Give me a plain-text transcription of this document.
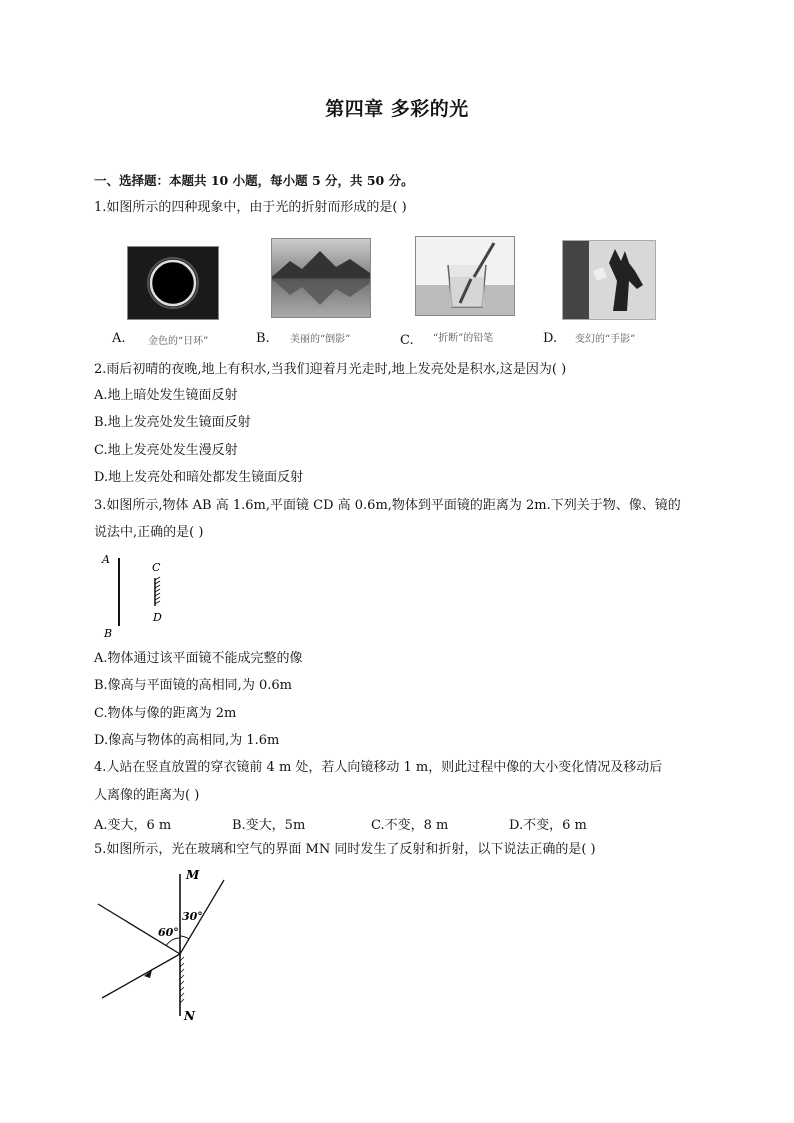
第四章 多彩的光
一、选择题：本题共 10 小题，每小题 5 分，共 50 分。
1.如图所示的四种现象中，由于光的折射而形成的是( )
A. 金色的“日环”	B. 美丽的“倒影”	C. “折断”的铅笔	D. 变幻的“手影”
2.雨后初晴的夜晚,地上有积水,当我们迎着月光走时,地上发亮处是积水,这是因为( )
A.地上暗处发生镜面反射
B.地上发亮处发生镜面反射
C.地上发亮处发生漫反射
D.地上发亮处和暗处都发生镜面反射
3.如图所示,物体 AB 高 1.6m,平面镜 CD 高 0.6m,物体到平面镜的距离为 2m.下列关于物、像、镜的
说法中,正确的是( )
A
B
C
D
A.物体通过该平面镜不能成完整的像
B.像高与平面镜的高相同,为 0.6m
C.物体与像的距离为 2m
D.像高与物体的高相同,为 1.6m
4.人站在竖直放置的穿衣镜前 4 m 处，若人向镜移动 1 m，则此过程中像的大小变化情况及移动后
人离像的距离为( )
A.变大，6 m	B.变大，5m	C.不变，8 m	D.不变，6 m
5.如图所示，光在玻璃和空气的界面 MN 同时发生了反射和折射，以下说法正确的是( )
M
60°
30°
N
